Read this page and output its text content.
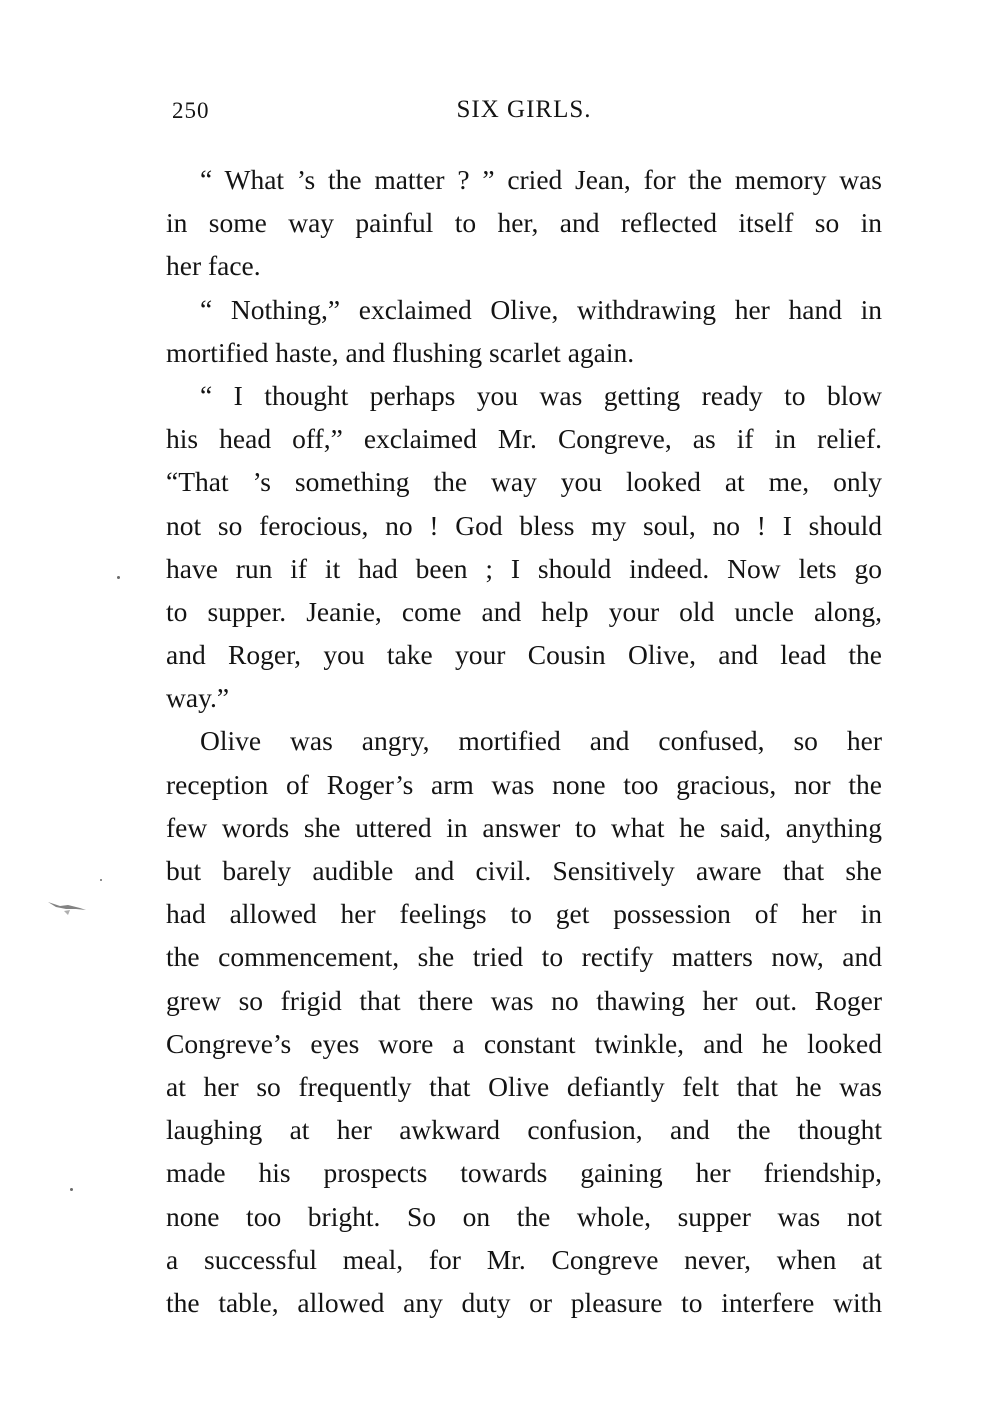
250	SIX GIRLS.
“ What ’s the matter ? ” cried Jean, for the memory was
in some way painful to her, and reflected itself so in
her face.
“ Nothing,” exclaimed Olive, withdrawing her hand in
mortified haste, and flushing scarlet again.
“ I thought perhaps you was getting ready to blow
his head off,” exclaimed Mr. Congreve, as if in relief.
“That ’s something the way you looked at me, only
not so ferocious, no ! God bless my soul, no ! I should
have run if it had been ; I should indeed. Now lets go
to supper. Jeanie, come and help your old uncle along,
and Roger, you take your Cousin Olive, and lead the
way.”
Olive was angry, mortified and confused, so her
reception of Roger’s arm was none too gracious, nor the
few words she uttered in answer to what he said, anything
but barely audible and civil. Sensitively aware that she
had allowed her feelings to get possession of her in
the commencement, she tried to rectify matters now, and
grew so frigid that there was no thawing her out. Roger
Congreve’s eyes wore a constant twinkle, and he looked
at her so frequently that Olive defiantly felt that he was
laughing at her awkward confusion, and the thought
made his prospects towards gaining her friendship,
none too bright. So on the whole, supper was not
a successful meal, for Mr. Congreve never, when at
the table, allowed any duty or pleasure to interfere with
